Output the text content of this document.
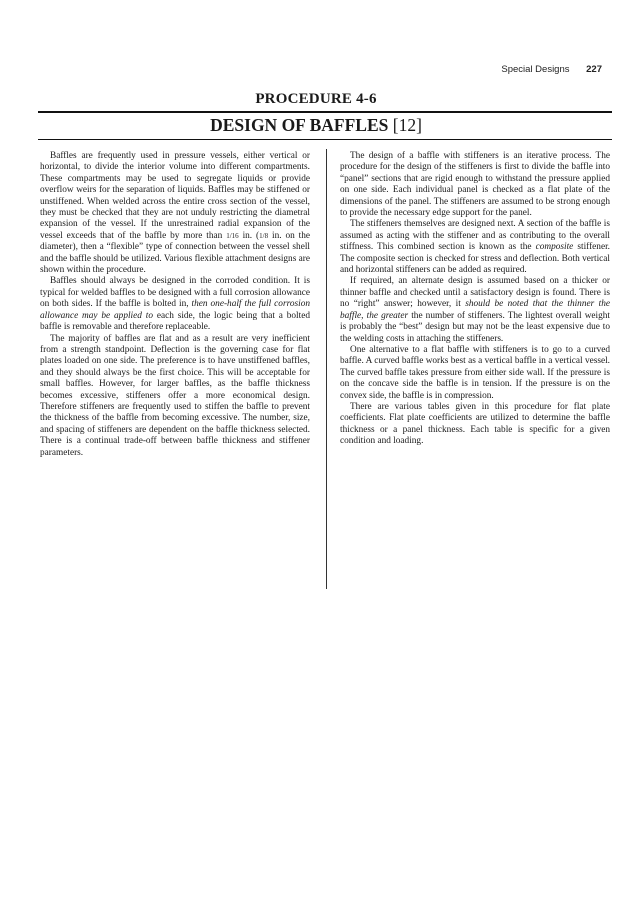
Special Designs 227
PROCEDURE 4-6
DESIGN OF BAFFLES [12]

Baffles are frequently used in pressure vessels, either vertical or horizontal, to divide the interior volume into different compartments. These compartments may be used to segregate liquids or provide overflow weirs for the separation of liquids. Baffles may be stiffened or unstiffened. When welded across the entire cross section of the vessel, they must be checked that they are not unduly restricting the diametral expansion of the vessel. If the unrestrained radial expansion of the vessel exceeds that of the baffle by more than 1/16 in. (1/8 in. on the diameter), then a “flexible” type of connection between the vessel shell and the baffle should be utilized. Various flexible attachment designs are shown within the procedure.

Baffles should always be designed in the corroded condition. It is typical for welded baffles to be designed with a full corrosion allowance on both sides. If the baffle is bolted in, then one-half the full corrosion allowance may be applied to each side, the logic being that a bolted baffle is removable and therefore replaceable.

The majority of baffles are flat and as a result are very inefficient from a strength standpoint. Deflection is the governing case for flat plates loaded on one side. The preference is to have unstiffened baffles, and they should always be the first choice. This will be acceptable for small baffles. However, for larger baffles, as the baffle thickness becomes excessive, stiffeners offer a more economical design. Therefore stiffeners are frequently used to stiffen the baffle to prevent the thickness of the baffle from becoming excessive. The number, size, and spacing of stiffeners are dependent on the baffle thickness selected. There is a continual trade-off between baffle thickness and stiffener parameters.

The design of a baffle with stiffeners is an iterative process. The procedure for the design of the stiffeners is first to divide the baffle into “panel” sections that are rigid enough to withstand the pressure applied on one side. Each individual panel is checked as a flat plate of the dimensions of the panel. The stiffeners are assumed to be strong enough to provide the necessary edge support for the panel.

The stiffeners themselves are designed next. A section of the baffle is assumed as acting with the stiffener and as contributing to the overall stiffness. This combined section is known as the composite stiffener. The composite section is checked for stress and deflection. Both vertical and horizontal stiffeners can be added as required.

If required, an alternate design is assumed based on a thicker or thinner baffle and checked until a satisfactory design is found. There is no “right” answer; however, it should be noted that the thinner the baffle, the greater the number of stiffeners. The lightest overall weight is probably the “best” design but may not be the least expensive due to the welding costs in attaching the stiffeners.

One alternative to a flat baffle with stiffeners is to go to a curved baffle. A curved baffle works best as a vertical baffle in a vertical vessel. The curved baffle takes pressure from either side wall. If the pressure is on the concave side the baffle is in tension. If the pressure is on the convex side, the baffle is in compression.

There are various tables given in this procedure for flat plate coefficients. Flat plate coefficients are utilized to determine the baffle thickness or a panel thickness. Each table is specific for a given condition and loading.
